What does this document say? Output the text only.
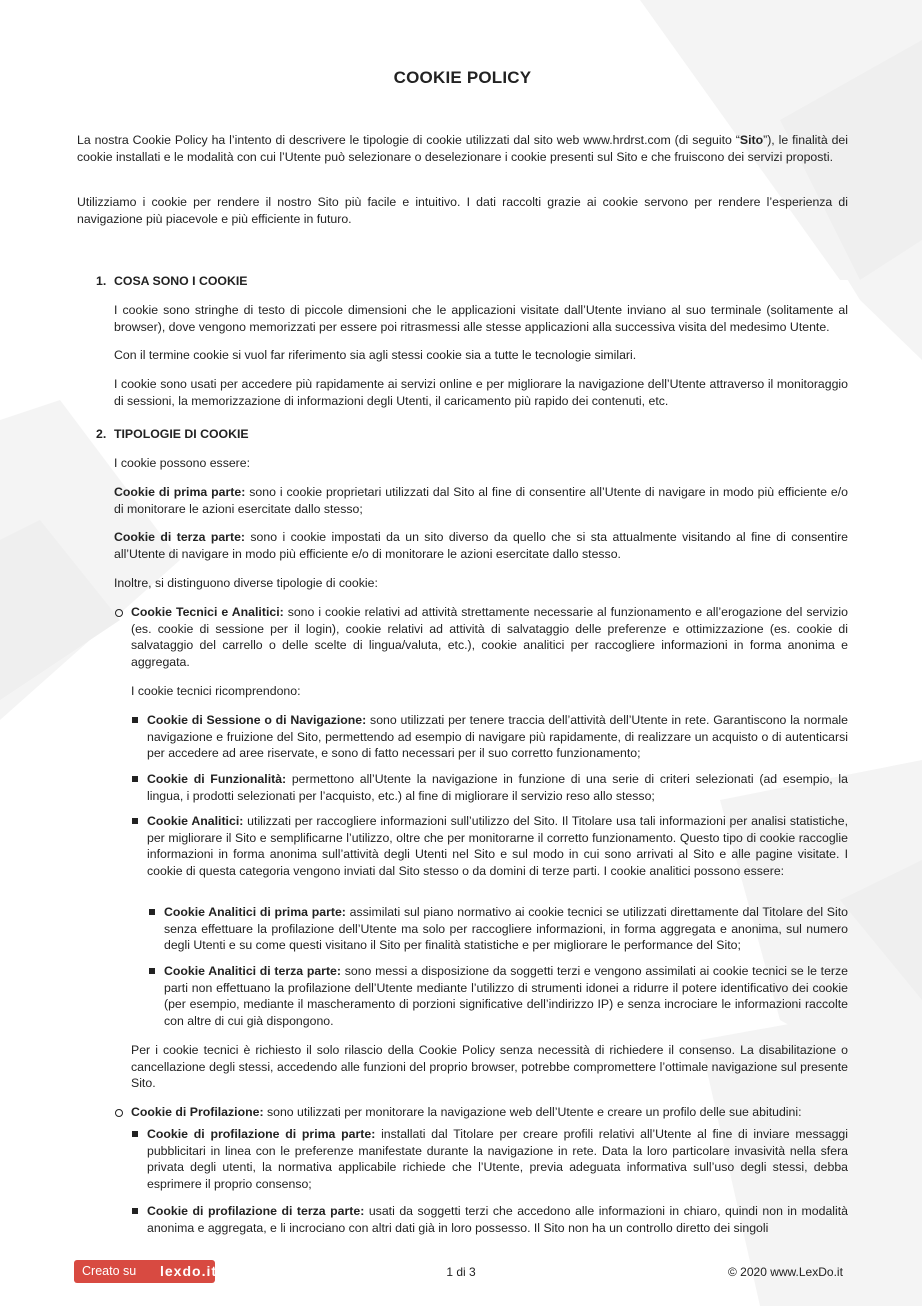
COOKIE POLICY

La nostra Cookie Policy ha l’intento di descrivere le tipologie di cookie utilizzati dal sito web www.hrdrst.com (di seguito “Sito”), le finalità dei cookie installati e le modalità con cui l’Utente può selezionare o deselezionare i cookie presenti sul Sito e che fruiscono dei servizi proposti.

Utilizziamo i cookie per rendere il nostro Sito più facile e intuitivo. I dati raccolti grazie ai cookie servono per rendere l’esperienza di navigazione più piacevole e più efficiente in futuro.

1. COSA SONO I COOKIE

I cookie sono stringhe di testo di piccole dimensioni che le applicazioni visitate dall’Utente inviano al suo terminale (solitamente al browser), dove vengono memorizzati per essere poi ritrasmessi alle stesse applicazioni alla successiva visita del medesimo Utente.

Con il termine cookie si vuol far riferimento sia agli stessi cookie sia a tutte le tecnologie similari.

I cookie sono usati per accedere più rapidamente ai servizi online e per migliorare la navigazione dell’Utente attraverso il monitoraggio di sessioni, la memorizzazione di informazioni degli Utenti, il caricamento più rapido dei contenuti, etc.

2. TIPOLOGIE DI COOKIE

I cookie possono essere:

Cookie di prima parte: sono i cookie proprietari utilizzati dal Sito al fine di consentire all’Utente di navigare in modo più efficiente e/o di monitorare le azioni esercitate dallo stesso;

Cookie di terza parte: sono i cookie impostati da un sito diverso da quello che si sta attualmente visitando al fine di consentire all’Utente di navigare in modo più efficiente e/o di monitorare le azioni esercitate dallo stesso.

Inoltre, si distinguono diverse tipologie di cookie:

Cookie Tecnici e Analitici: sono i cookie relativi ad attività strettamente necessarie al funzionamento e all’erogazione del servizio (es. cookie di sessione per il login), cookie relativi ad attività di salvataggio delle preferenze e ottimizzazione (es. cookie di salvataggio del carrello o delle scelte di lingua/valuta, etc.), cookie analitici per raccogliere informazioni in forma anonima e aggregata.

I cookie tecnici ricomprendono:

Cookie di Sessione o di Navigazione: sono utilizzati per tenere traccia dell’attività dell’Utente in rete. Garantiscono la normale navigazione e fruizione del Sito, permettendo ad esempio di navigare più rapidamente, di realizzare un acquisto o di autenticarsi per accedere ad aree riservate, e sono di fatto necessari per il suo corretto funzionamento;

Cookie di Funzionalità: permettono all’Utente la navigazione in funzione di una serie di criteri selezionati (ad esempio, la lingua, i prodotti selezionati per l’acquisto, etc.) al fine di migliorare il servizio reso allo stesso;

Cookie Analitici: utilizzati per raccogliere informazioni sull’utilizzo del Sito. Il Titolare usa tali informazioni per analisi statistiche, per migliorare il Sito e semplificarne l’utilizzo, oltre che per monitorarne il corretto funzionamento. Questo tipo di cookie raccoglie informazioni in forma anonima sull’attività degli Utenti nel Sito e sul modo in cui sono arrivati al Sito e alle pagine visitate. I cookie di questa categoria vengono inviati dal Sito stesso o da domini di terze parti. I cookie analitici possono essere:

Cookie Analitici di prima parte: assimilati sul piano normativo ai cookie tecnici se utilizzati direttamente dal Titolare del Sito senza effettuare la profilazione dell’Utente ma solo per raccogliere informazioni, in forma aggregata e anonima, sul numero degli Utenti e su come questi visitano il Sito per finalità statistiche e per migliorare le performance del Sito;

Cookie Analitici di terza parte: sono messi a disposizione da soggetti terzi e vengono assimilati ai cookie tecnici se le terze parti non effettuano la profilazione dell’Utente mediante l’utilizzo di strumenti idonei a ridurre il potere identificativo dei cookie (per esempio, mediante il mascheramento di porzioni significative dell’indirizzo IP) e senza incrociare le informazioni raccolte con altre di cui già dispongono.

Per i cookie tecnici è richiesto il solo rilascio della Cookie Policy senza necessità di richiedere il consenso. La disabilitazione o cancellazione degli stessi, accedendo alle funzioni del proprio browser, potrebbe compromettere l’ottimale navigazione sul presente Sito.

Cookie di Profilazione: sono utilizzati per monitorare la navigazione web dell’Utente e creare un profilo delle sue abitudini:

Cookie di profilazione di prima parte: installati dal Titolare per creare profili relativi all’Utente al fine di inviare messaggi pubblicitari in linea con le preferenze manifestate durante la navigazione in rete. Data la loro particolare invasività nella sfera privata degli utenti, la normativa applicabile richiede che l’Utente, previa adeguata informativa sull’uso degli stessi, debba esprimere il proprio consenso;

Cookie di profilazione di terza parte: usati da soggetti terzi che accedono alle informazioni in chiaro, quindi non in modalità anonima e aggregata, e li incrociano con altri dati già in loro possesso. Il Sito non ha un controllo diretto dei singoli

Creato su lexdo.it	1 di 3	© 2020 www.LexDo.it
